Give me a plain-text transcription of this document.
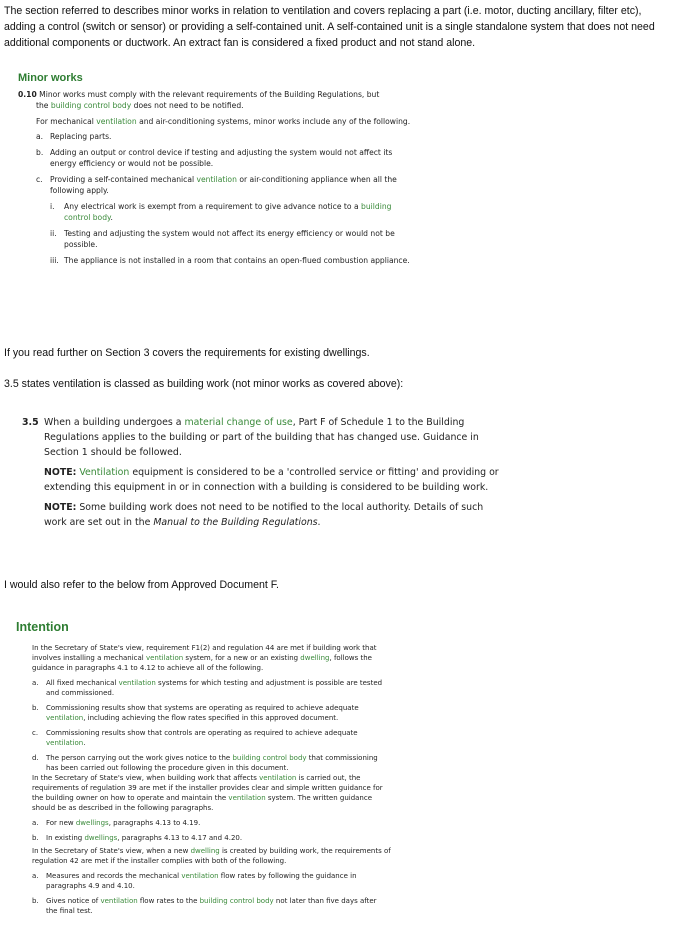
The section referred to describes minor works in relation to ventilation and covers replacing a part (i.e. motor, ducting ancillary, filter etc), adding a control (switch or sensor) or providing a self-contained unit. A self-contained unit is a single standalone system that does not need additional components or ductwork. An extract fan is considered a fixed product and not stand alone.
Minor works
0.10 Minor works must comply with the relevant requirements of the Building Regulations, but
the building control body does not need to be notified.
For mechanical ventilation and air-conditioning systems, minor works include any of the following.
a. Replacing parts.
b. Adding an output or control device if testing and adjusting the system would not affect its
energy efficiency or would not be possible.
c. Providing a self-contained mechanical ventilation or air-conditioning appliance when all the
following apply.
i. Any electrical work is exempt from a requirement to give advance notice to a building
control body.
ii. Testing and adjusting the system would not affect its energy efficiency or would not be
possible.
iii. The appliance is not installed in a room that contains an open-flued combustion appliance.
If you read further on Section 3 covers the requirements for existing dwellings.
3.5 states ventilation is classed as building work (not minor works as covered above):
3.5 When a building undergoes a material change of use, Part F of Schedule 1 to the Building
Regulations applies to the building or part of the building that has changed use. Guidance in
Section 1 should be followed.
NOTE: Ventilation equipment is considered to be a 'controlled service or fitting' and providing or
extending this equipment in or in connection with a building is considered to be building work.
NOTE: Some building work does not need to be notified to the local authority. Details of such
work are set out in the Manual to the Building Regulations.
I would also refer to the below from Approved Document F.
Intention
In the Secretary of State's view, requirement F1(2) and regulation 44 are met if building work that
involves installing a mechanical ventilation system, for a new or an existing dwelling, follows the
guidance in paragraphs 4.1 to 4.12 to achieve all of the following.
a. All fixed mechanical ventilation systems for which testing and adjustment is possible are tested
and commissioned.
b. Commissioning results show that systems are operating as required to achieve adequate
ventilation, including achieving the flow rates specified in this approved document.
c. Commissioning results show that controls are operating as required to achieve adequate
ventilation.
d. The person carrying out the work gives notice to the building control body that commissioning
has been carried out following the procedure given in this document.
In the Secretary of State's view, when building work that affects ventilation is carried out, the
requirements of regulation 39 are met if the installer provides clear and simple written guidance for
the building owner on how to operate and maintain the ventilation system. The written guidance
should be as described in the following paragraphs.
a. For new dwellings, paragraphs 4.13 to 4.19.
b. In existing dwellings, paragraphs 4.13 to 4.17 and 4.20.
In the Secretary of State's view, when a new dwelling is created by building work, the requirements of
regulation 42 are met if the installer complies with both of the following.
a. Measures and records the mechanical ventilation flow rates by following the guidance in
paragraphs 4.9 and 4.10.
b. Gives notice of ventilation flow rates to the building control body not later than five days after
the final test.
